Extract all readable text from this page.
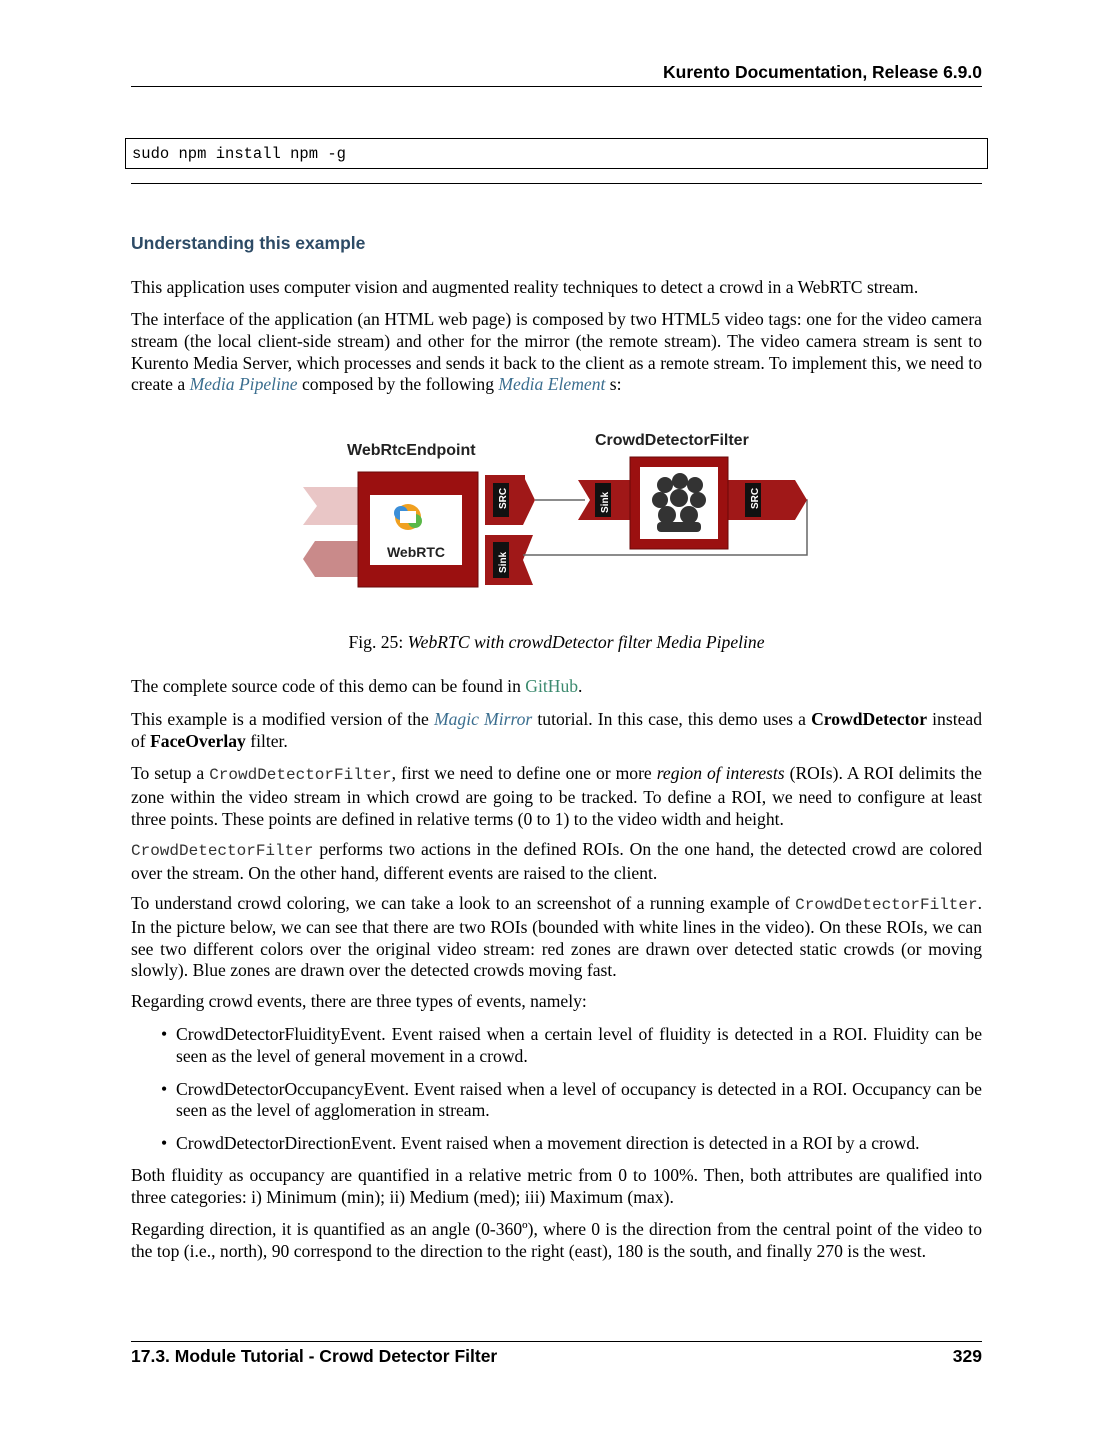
Kurento Documentation, Release 6.9.0
sudo npm install npm -g
Understanding this example

This application uses computer vision and augmented reality techniques to detect a crowd in a WebRTC stream.

The interface of the application (an HTML web page) is composed by two HTML5 video tags: one for the video camera stream (the local client-side stream) and other for the mirror (the remote stream). The video camera stream is sent to Kurento Media Server, which processes and sends it back to the client as a remote stream. To implement this, we need to create a Media Pipeline composed by the following Media Element s:

WebRtcEndpoint
CrowdDetectorFilter
WebRTC
SRC
Sink
Sink	SRC
Fig. 25: WebRTC with crowdDetector filter Media Pipeline

The complete source code of this demo can be found in GitHub.

This example is a modified version of the Magic Mirror tutorial. In this case, this demo uses a CrowdDetector instead of FaceOverlay filter.

To setup a CrowdDetectorFilter, first we need to define one or more region of interests (ROIs). A ROI delimits the zone within the video stream in which crowd are going to be tracked. To define a ROI, we need to configure at least three points. These points are defined in relative terms (0 to 1) to the video width and height.

CrowdDetectorFilter performs two actions in the defined ROIs. On the one hand, the detected crowd are colored over the stream. On the other hand, different events are raised to the client.

To understand crowd coloring, we can take a look to an screenshot of a running example of CrowdDetectorFilter. In the picture below, we can see that there are two ROIs (bounded with white lines in the video). On these ROIs, we can see two different colors over the original video stream: red zones are drawn over detected static crowds (or moving slowly). Blue zones are drawn over the detected crowds moving fast.

Regarding crowd events, there are three types of events, namely:

• CrowdDetectorFluidityEvent. Event raised when a certain level of fluidity is detected in a ROI. Fluidity can be seen as the level of general movement in a crowd.
• CrowdDetectorOccupancyEvent. Event raised when a level of occupancy is detected in a ROI. Occupancy can be seen as the level of agglomeration in stream.
• CrowdDetectorDirectionEvent. Event raised when a movement direction is detected in a ROI by a crowd.

Both fluidity as occupancy are quantified in a relative metric from 0 to 100%. Then, both attributes are qualified into three categories: i) Minimum (min); ii) Medium (med); iii) Maximum (max).

Regarding direction, it is quantified as an angle (0-360º), where 0 is the direction from the central point of the video to the top (i.e., north), 90 correspond to the direction to the right (east), 180 is the south, and finally 270 is the west.

17.3. Module Tutorial - Crowd Detector Filter	329
